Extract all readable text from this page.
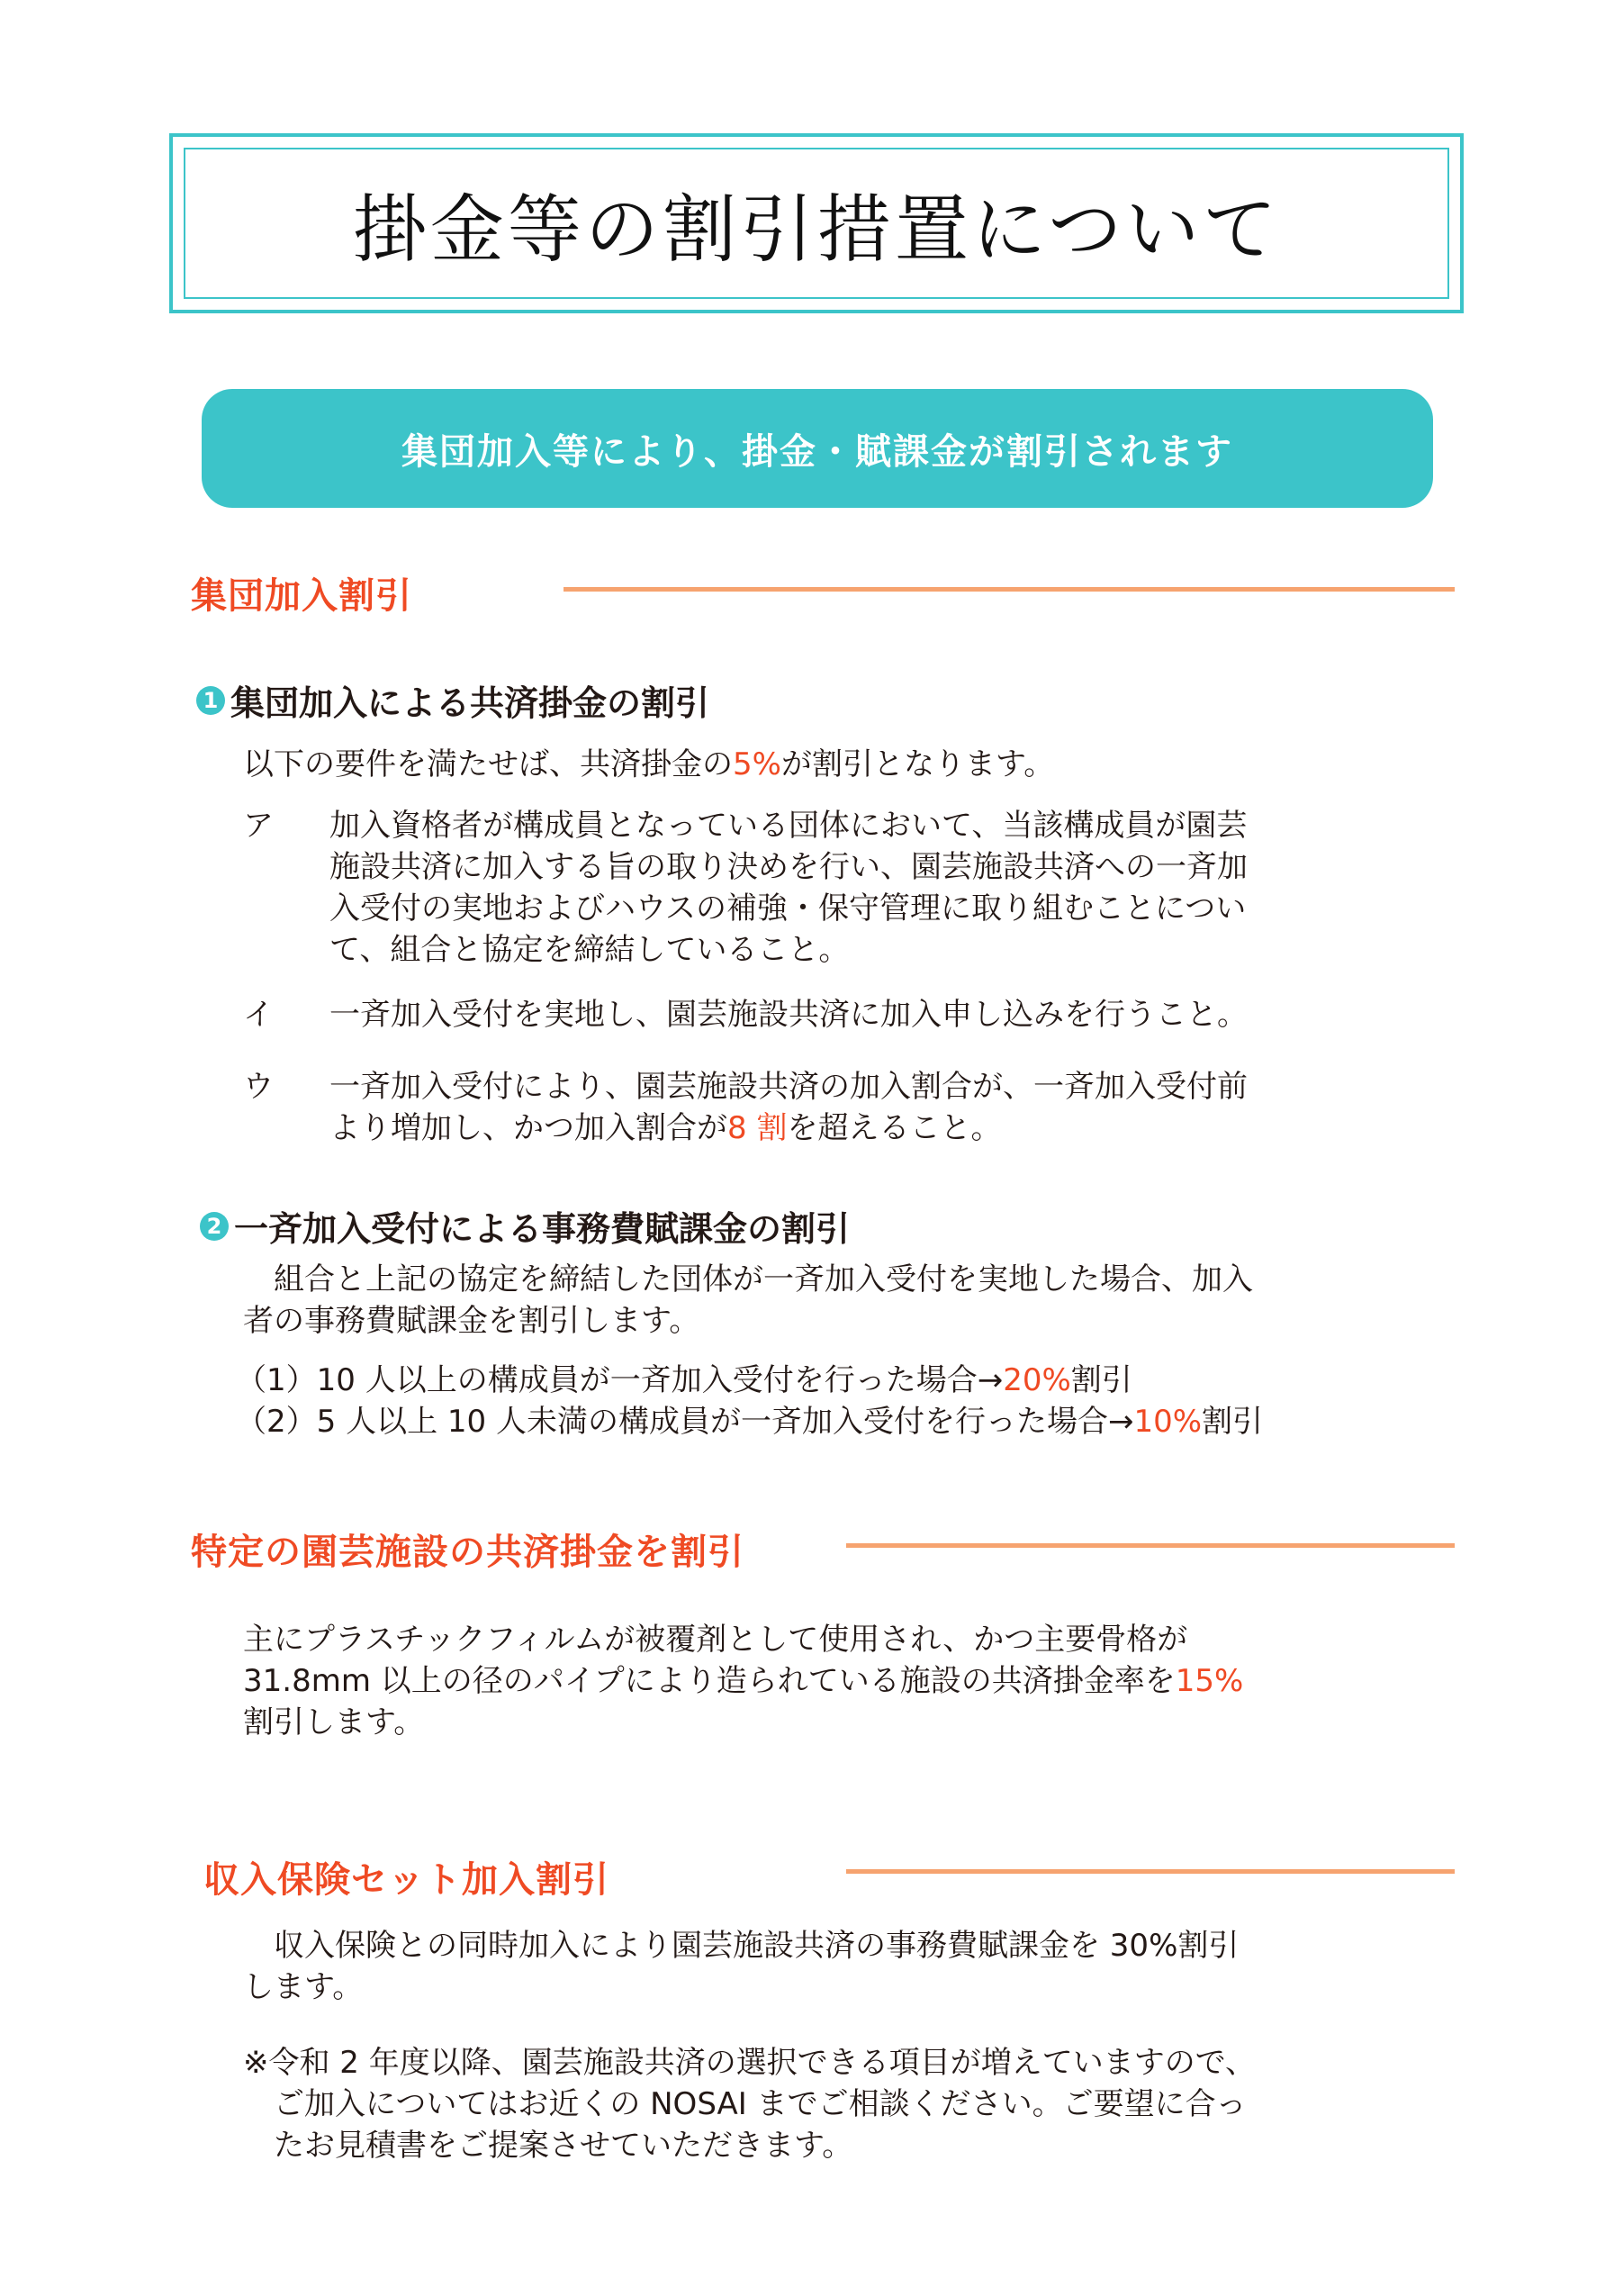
掛金等の割引措置について
集団加入等により、掛金・賦課金が割引されます
集団加入割引
1 集団加入による共済掛金の割引
以下の要件を満たせば、共済掛金の5%が割引となります。
ア 加入資格者が構成員となっている団体において、当該構成員が園芸
施設共済に加入する旨の取り決めを行い、園芸施設共済への一斉加
入受付の実地およびハウスの補強・保守管理に取り組むことについ
て、組合と協定を締結していること。
イ 一斉加入受付を実地し、園芸施設共済に加入申し込みを行うこと。
ウ 一斉加入受付により、園芸施設共済の加入割合が、一斉加入受付前
より増加し、かつ加入割合が8 割を超えること。
2 一斉加入受付による事務費賦課金の割引
組合と上記の協定を締結した団体が一斉加入受付を実地した場合、加入
者の事務費賦課金を割引します。
（1）10 人以上の構成員が一斉加入受付を行った場合→20%割引
（2）5 人以上 10 人未満の構成員が一斉加入受付を行った場合→10%割引
特定の園芸施設の共済掛金を割引
主にプラスチックフィルムが被覆剤として使用され、かつ主要骨格が
31.8mm 以上の径のパイプにより造られている施設の共済掛金率を15%
割引します。
収入保険セット加入割引
収入保険との同時加入により園芸施設共済の事務費賦課金を 30%割引
します。
※令和 2 年度以降、園芸施設共済の選択できる項目が増えていますので、
ご加入についてはお近くの NOSAI までご相談ください。ご要望に合っ
たお見積書をご提案させていただきます。
